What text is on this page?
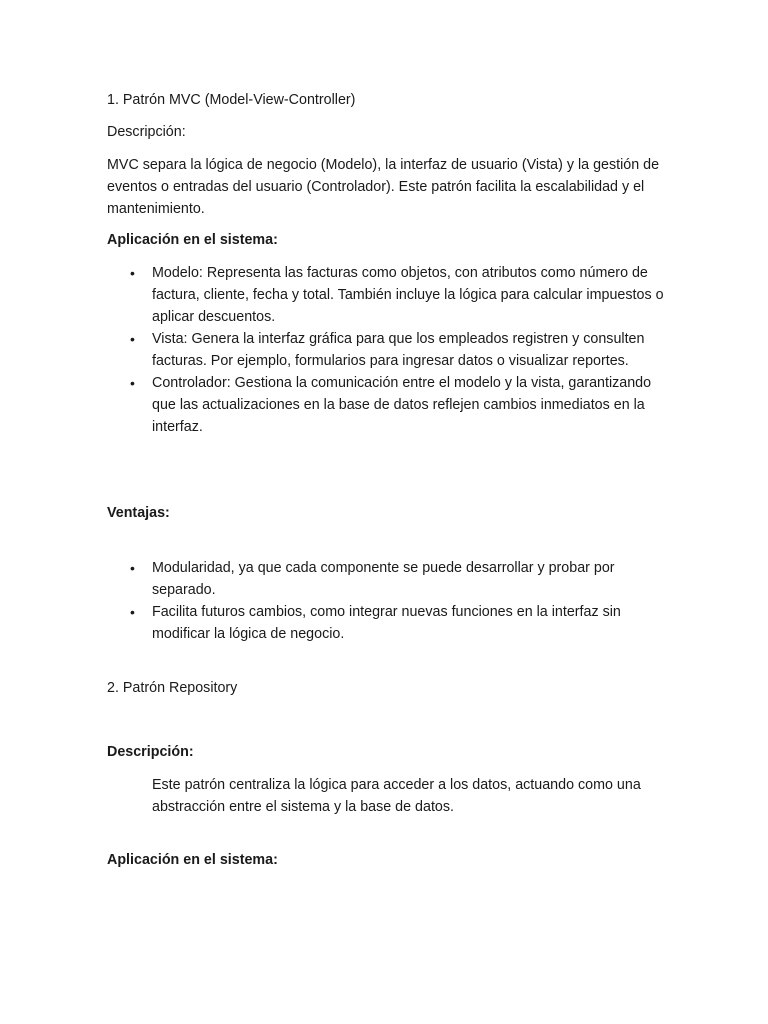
1. Patrón MVC (Model-View-Controller)

Descripción:

MVC separa la lógica de negocio (Modelo), la interfaz de usuario (Vista) y la gestión de eventos o entradas del usuario (Controlador). Este patrón facilita la escalabilidad y el mantenimiento.

Aplicación en el sistema:

• Modelo: Representa las facturas como objetos, con atributos como número de factura, cliente, fecha y total. También incluye la lógica para calcular impuestos o aplicar descuentos.
• Vista: Genera la interfaz gráfica para que los empleados registren y consulten facturas. Por ejemplo, formularios para ingresar datos o visualizar reportes.
• Controlador: Gestiona la comunicación entre el modelo y la vista, garantizando que las actualizaciones en la base de datos reflejen cambios inmediatos en la interfaz.

Ventajas:

• Modularidad, ya que cada componente se puede desarrollar y probar por separado.
• Facilita futuros cambios, como integrar nuevas funciones en la interfaz sin modificar la lógica de negocio.

2. Patrón Repository

Descripción:

Este patrón centraliza la lógica para acceder a los datos, actuando como una abstracción entre el sistema y la base de datos.

Aplicación en el sistema:
